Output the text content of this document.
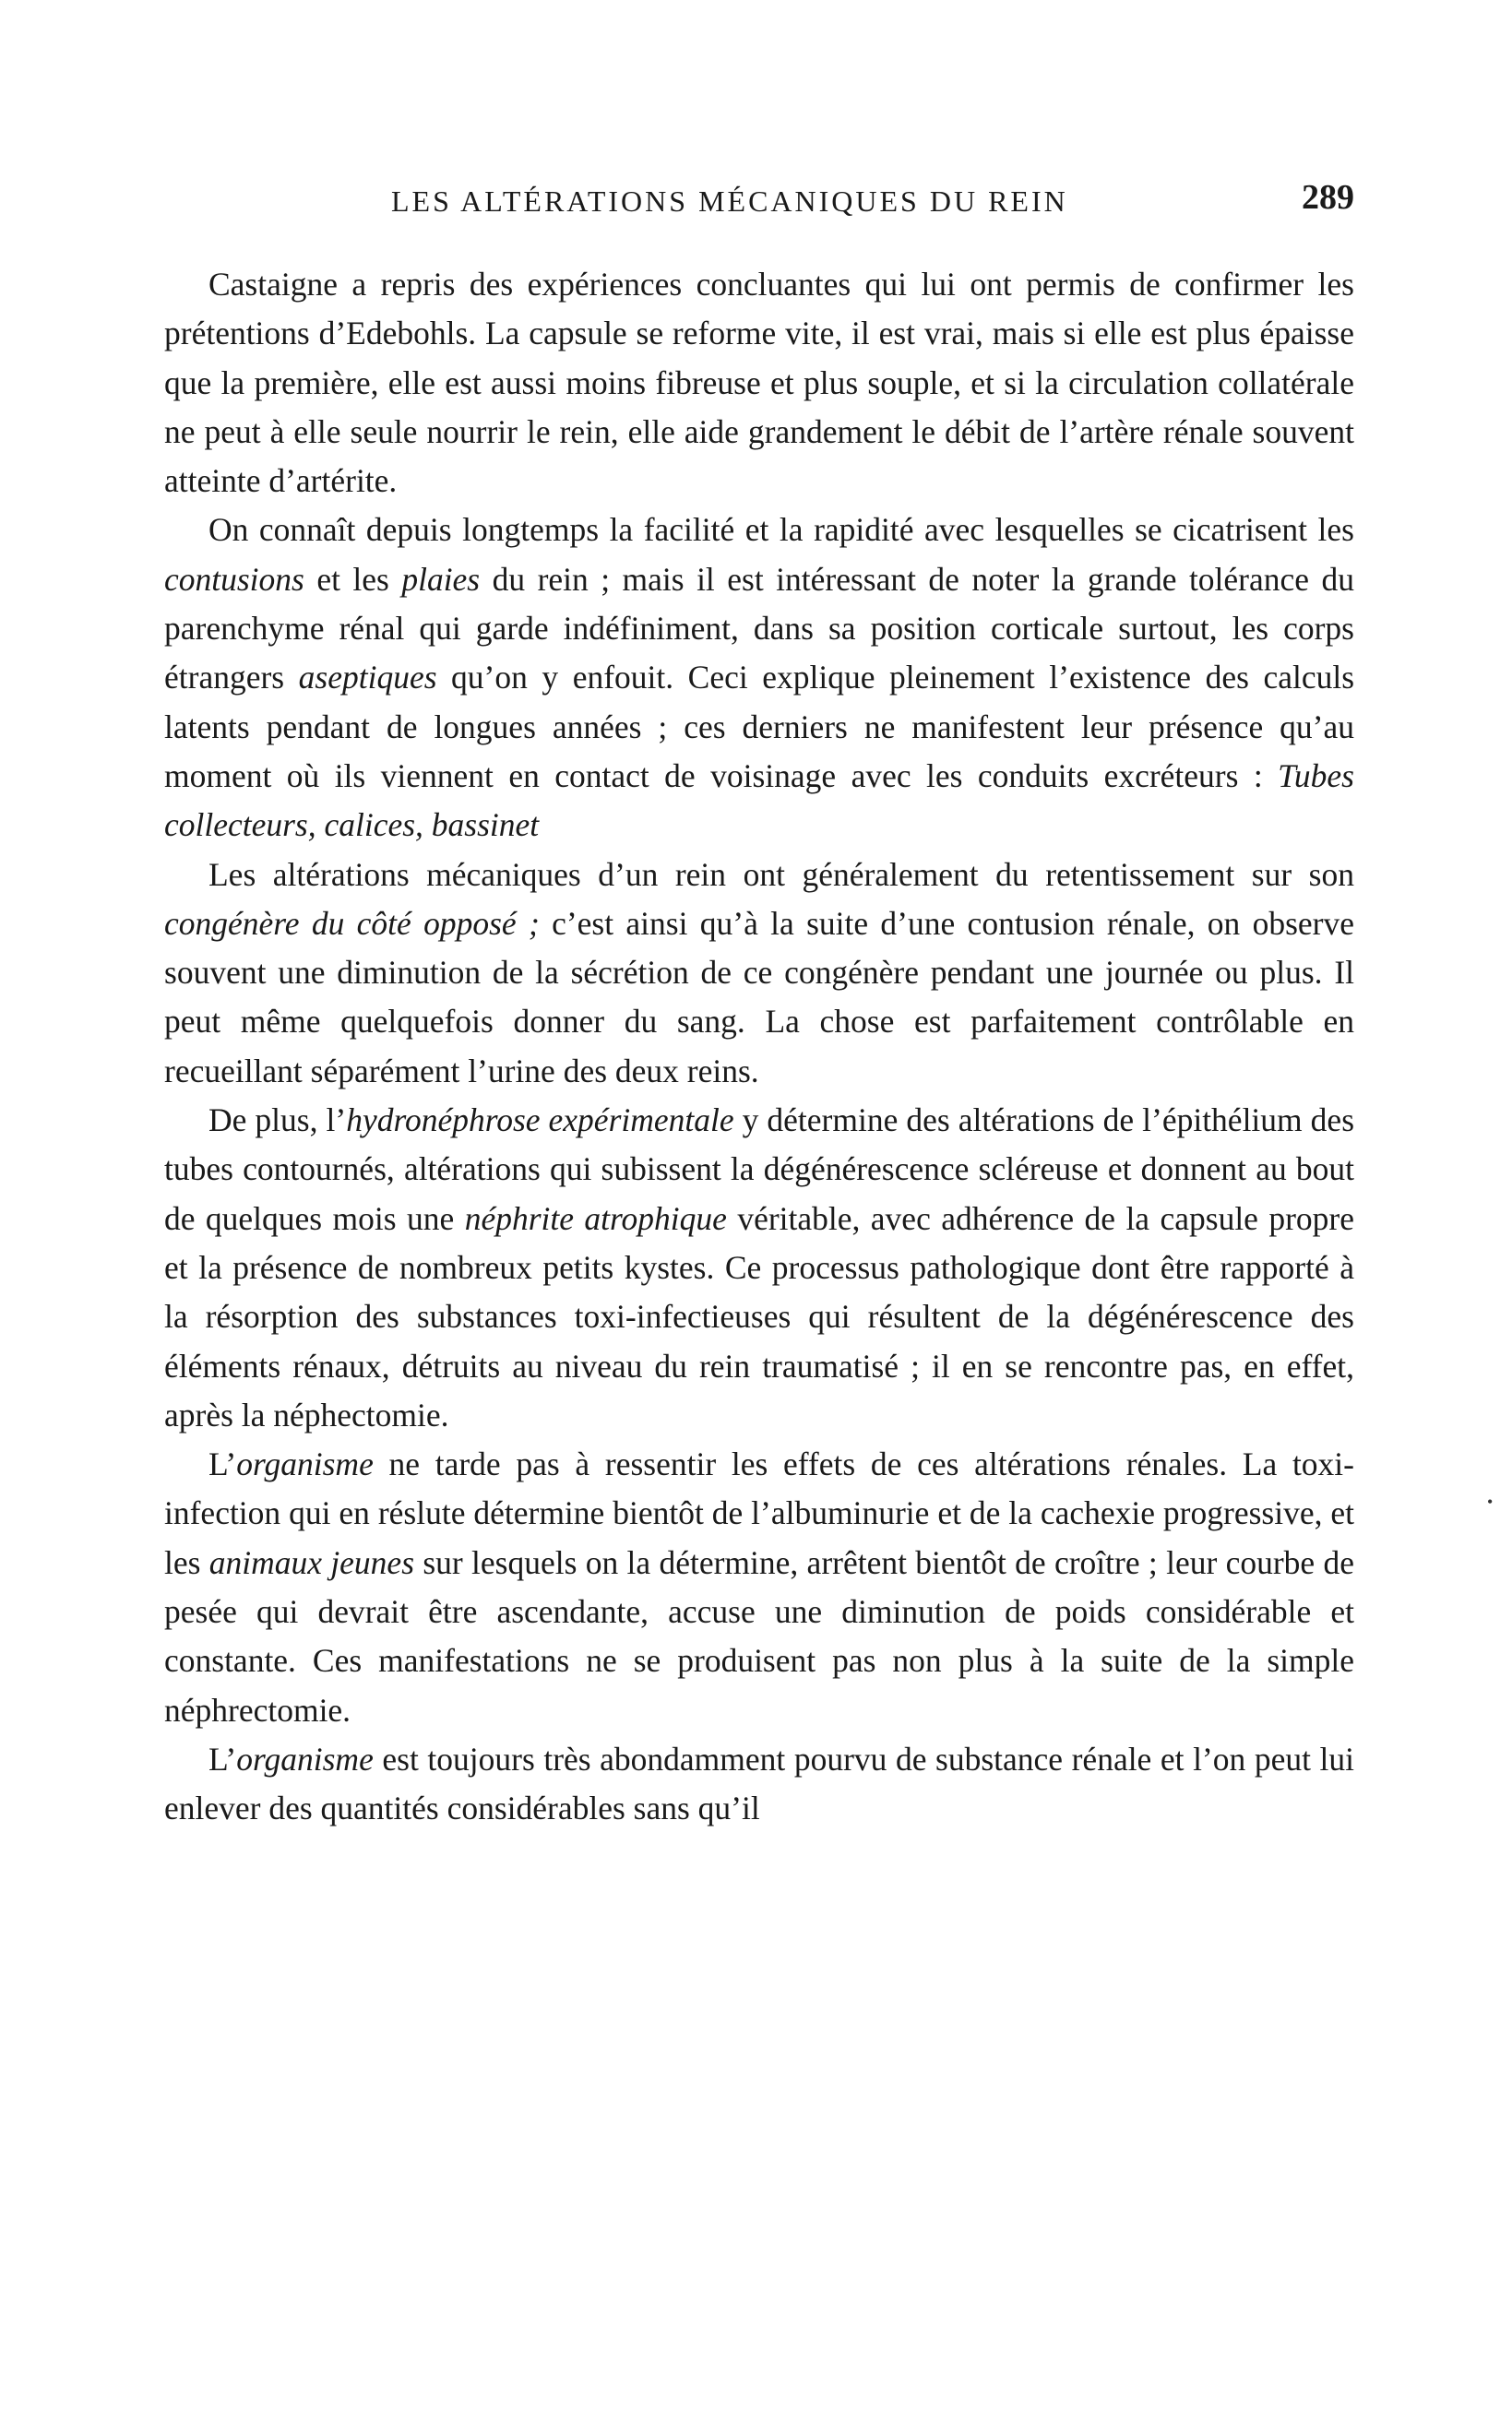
LES ALTÉRATIONS MÉCANIQUES DU REIN	289

Castaigne a repris des expériences concluantes qui lui ont permis de confirmer les prétentions d’Edebohls. La capsule se reforme vite, il est vrai, mais si elle est plus épaisse que la première, elle est aussi moins fibreuse et plus souple, et si la circulation collatérale ne peut à elle seule nourrir le rein, elle aide grandement le débit de l’artère rénale souvent atteinte d’artérite.

On connaît depuis longtemps la facilité et la rapidité avec lesquelles se cicatrisent les contusions et les plaies du rein ; mais il est intéressant de noter la grande tolérance du parenchyme rénal qui garde indéfiniment, dans sa position corticale surtout, les corps étrangers aseptiques qu’on y enfouit. Ceci explique pleinement l’existence des calculs latents pendant de longues années ; ces derniers ne manifestent leur présence qu’au moment où ils viennent en contact de voisinage avec les conduits excréteurs : Tubes collecteurs, calices, bassinet

Les altérations mécaniques d’un rein ont généralement du retentissement sur son congénère du côté opposé ; c’est ainsi qu’à la suite d’une contusion rénale, on observe souvent une diminution de la sécrétion de ce congénère pendant une journée ou plus. Il peut même quelquefois donner du sang. La chose est parfaitement contrôlable en recueillant séparément l’urine des deux reins.

De plus, l’hydronéphrose expérimentale y détermine des altérations de l’épithélium des tubes contournés, altérations qui subissent la dégénérescence scléreuse et donnent au bout de quelques mois une néphrite atrophique véritable, avec adhérence de la capsule propre et la présence de nombreux petits kystes. Ce processus pathologique dont être rapporté à la résorption des substances toxi-infectieuses qui résultent de la dégénérescence des éléments rénaux, détruits au niveau du rein traumatisé ; il en se rencontre pas, en effet, après la néphectomie.

L’organisme ne tarde pas à ressentir les effets de ces altérations rénales. La toxi-infection qui en réslute détermine bientôt de l’albuminurie et de la cachexie progressive, et les animaux jeunes sur lesquels on la détermine, arrêtent bientôt de croître ; leur courbe de pesée qui devrait être ascendante, accuse une diminution de poids considérable et constante. Ces manifestations ne se produisent pas non plus à la suite de la simple néphrectomie.

L’organisme est toujours très abondamment pourvu de substance rénale et l’on peut lui enlever des quantités considérables sans qu’il

•
